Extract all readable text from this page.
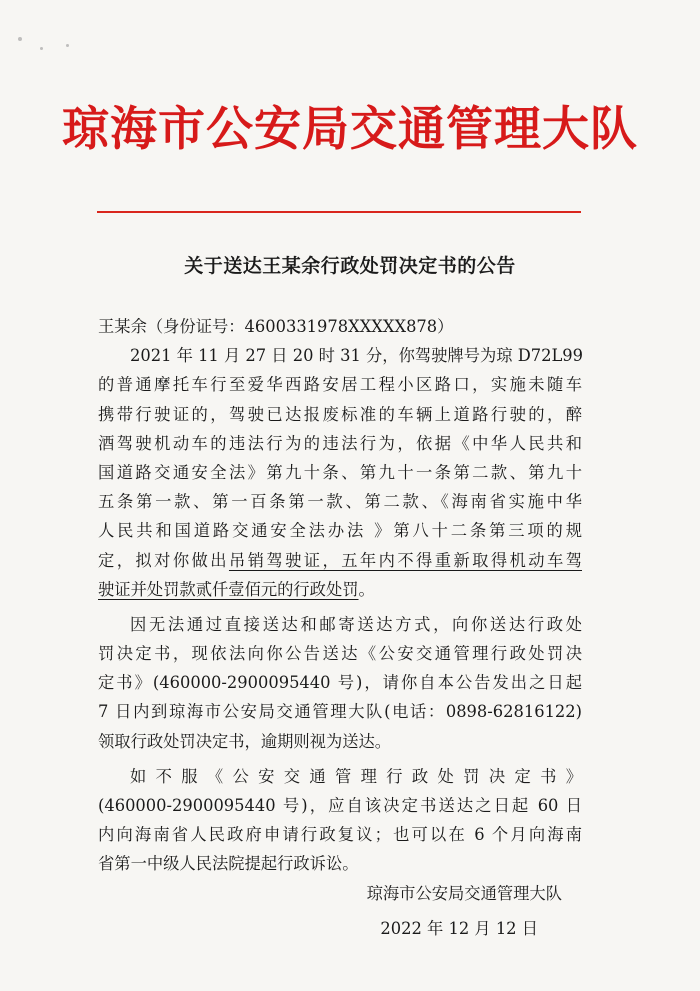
琼海市公安局交通管理大队
关于送达王某余行政处罚决定书的公告
王某余（身份证号：4600331978XXXXX878）
2021 年 11 月 27 日 20 时 31 分，你驾驶牌号为琼 D72L99
的普通摩托车行至爱华西路安居工程小区路口，实施未随车
携带行驶证的，驾驶已达报废标准的车辆上道路行驶的，醉
酒驾驶机动车的违法行为的违法行为，依据《中华人民共和
国道路交通安全法》第九十条、第九十一条第二款、第九十
五条第一款、第一百条第一款、第二款、《海南省实施中华
人民共和国道路交通安全法办法 》第八十二条第三项的规
定，拟对你做出吊销驾驶证，五年内不得重新取得机动车驾
驶证并处罚款贰仟壹佰元的行政处罚。
因无法通过直接送达和邮寄送达方式，向你送达行政处
罚决定书，现依法向你公告送达《公安交通管理行政处罚决
定书》(460000-2900095440 号)，请你自本公告发出之日起
7 日内到琼海市公安局交通管理大队(电话：0898-62816122)
领取行政处罚决定书，逾期则视为送达。
如不服《公安交通管理行政处罚决定书》
(460000-2900095440 号)，应自该决定书送达之日起 60 日
内向海南省人民政府申请行政复议；也可以在 6 个月向海南
省第一中级人民法院提起行政诉讼。
琼海市公安局交通管理大队
2022 年 12 月 12 日
